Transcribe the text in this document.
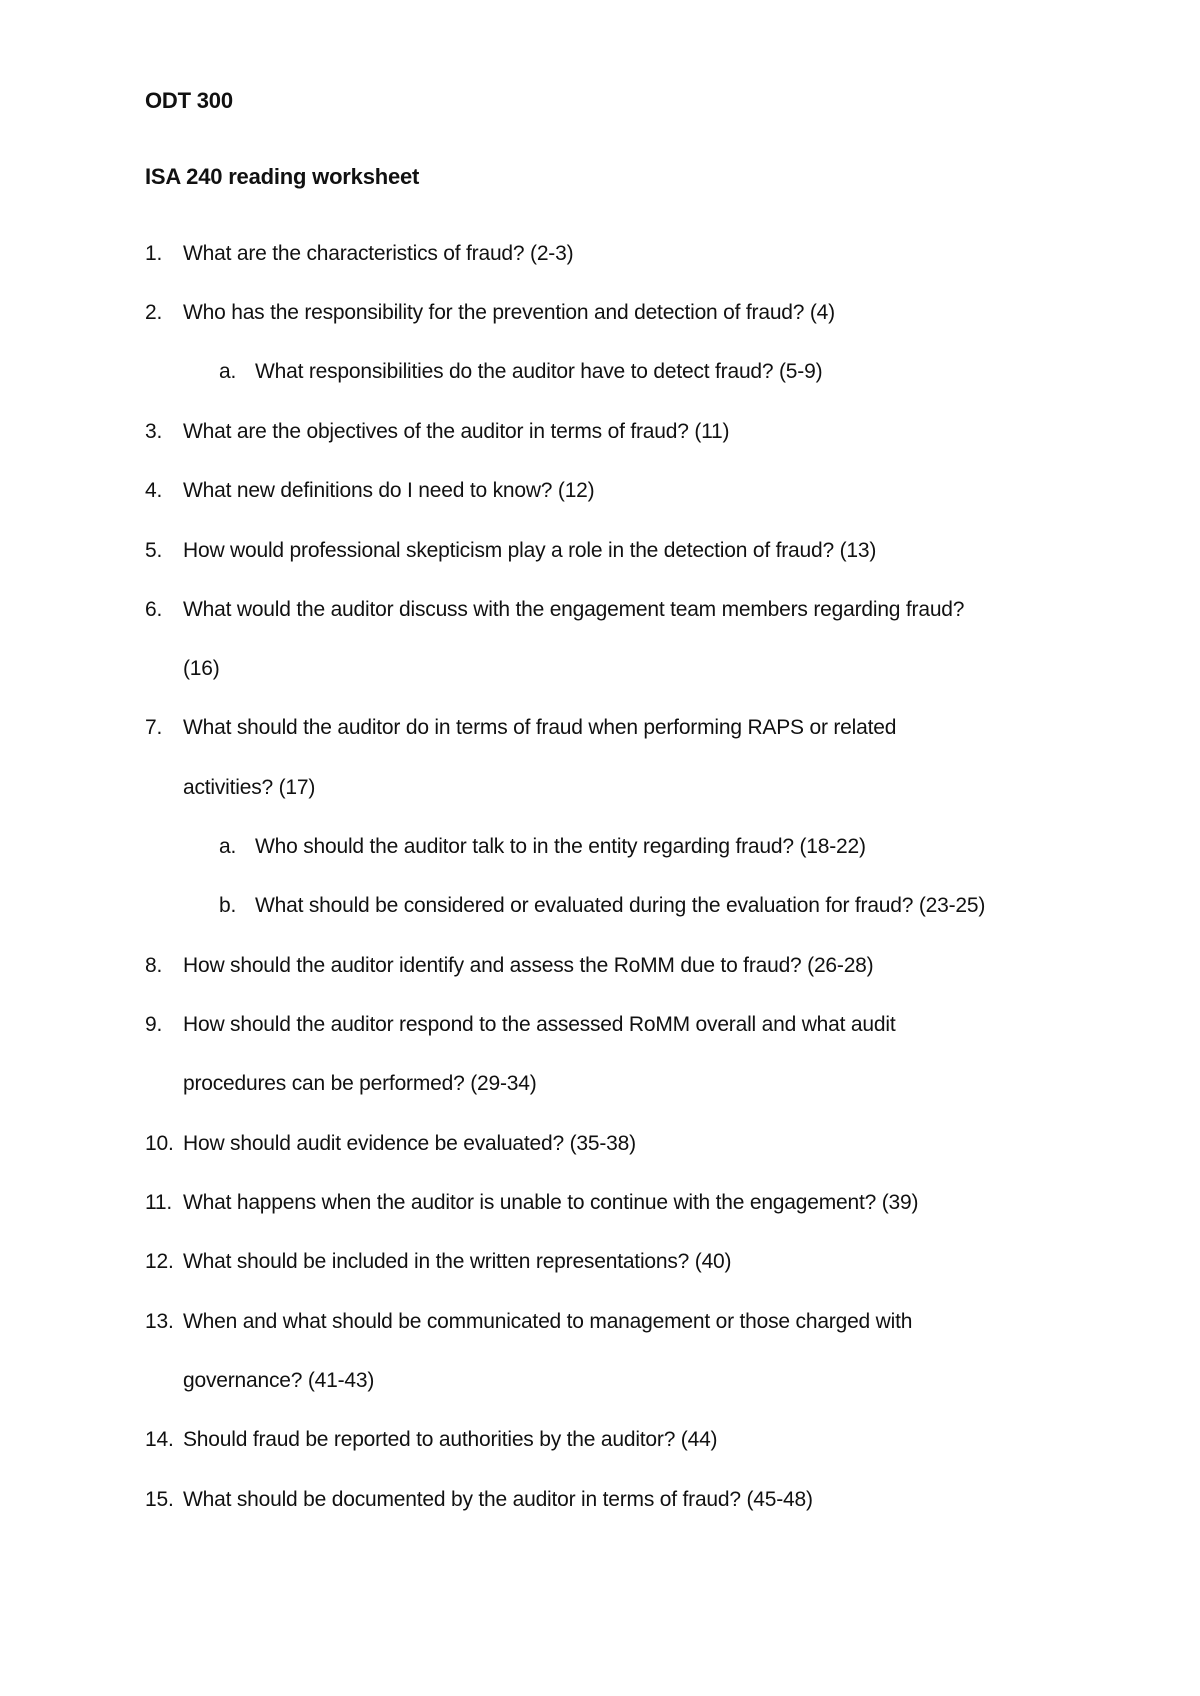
ODT 300
ISA 240 reading worksheet
1. What are the characteristics of fraud? (2-3)
2. Who has the responsibility for the prevention and detection of fraud? (4)
a. What responsibilities do the auditor have to detect fraud? (5-9)
3. What are the objectives of the auditor in terms of fraud? (11)
4. What new definitions do I need to know? (12)
5. How would professional skepticism play a role in the detection of fraud? (13)
6. What would the auditor discuss with the engagement team members regarding fraud?
(16)
7. What should the auditor do in terms of fraud when performing RAPS or related
activities? (17)
a. Who should the auditor talk to in the entity regarding fraud? (18-22)
b. What should be considered or evaluated during the evaluation for fraud? (23-25)
8. How should the auditor identify and assess the RoMM due to fraud? (26-28)
9. How should the auditor respond to the assessed RoMM overall and what audit
procedures can be performed? (29-34)
10. How should audit evidence be evaluated? (35-38)
11. What happens when the auditor is unable to continue with the engagement? (39)
12. What should be included in the written representations? (40)
13. When and what should be communicated to management or those charged with
governance? (41-43)
14. Should fraud be reported to authorities by the auditor? (44)
15. What should be documented by the auditor in terms of fraud? (45-48)
